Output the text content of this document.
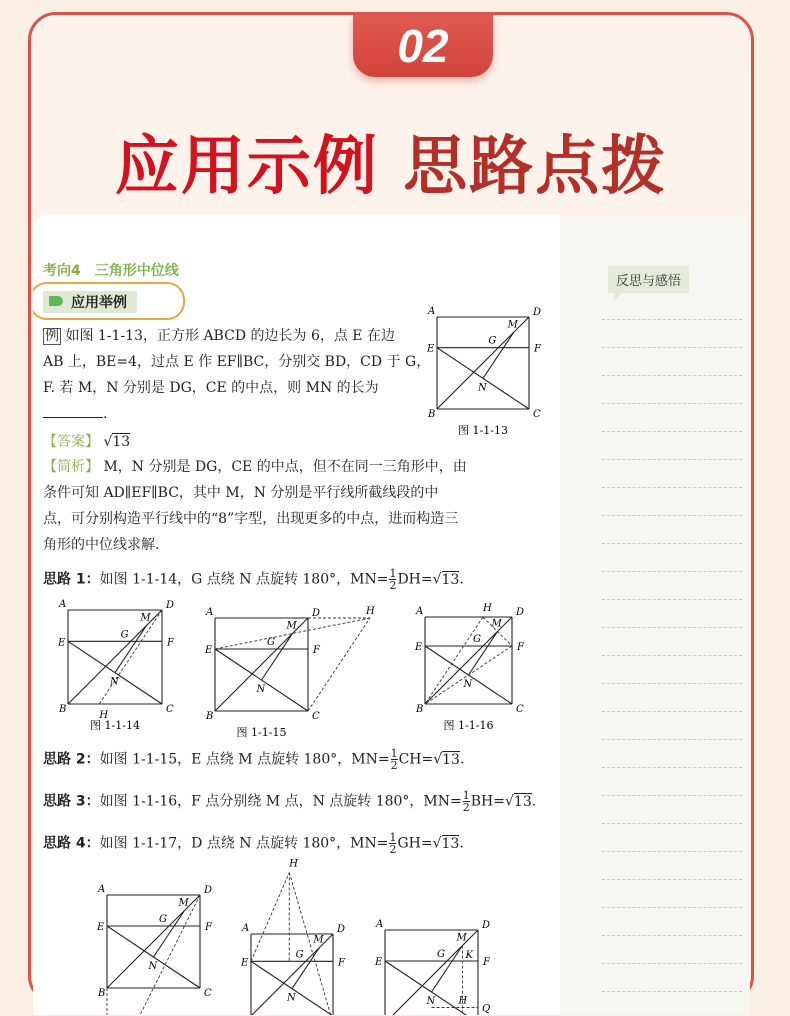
02
应用示例 思路点拨
反思与感悟
考向4　三角形中位线
应用举例
例 如图 1-1-13，正方形 ABCD 的边长为 6，点 E 在边
AB 上，BE=4，过点 E 作 EF∥BC，分别交 BD，CD 于 G，
F. 若 M，N 分别是 DG，CE 的中点，则 MN 的长为
.
【答案】 √13
【简析】 M，N 分别是 DG，CE 的中点，但不在同一三角形中，由
条件可知 AD∥EF∥BC，其中 M，N 分别是平行线所截线段的中
点，可分别构造平行线中的“8”字型，出现更多的中点，进而构造三
角形的中位线求解.
思路 1：如图 1-1-14，G 点绕 N 点旋转 180°，$MN= \frac{1}{2} DH=√13$.
思路 2：如图 1-1-15，E 点绕 M 点旋转 180°，$MN= \frac{1}{2} CH=√13$.
思路 3：如图 1-1-16，F 点分别绕 M 点，N 点旋转 180°，$MN= \frac{1}{2} BH=√13$.
思路 4：如图 1-1-17，D 点绕 N 点旋转 180°，$MN= \frac{1}{2} GH=√13$.
A
B	C
D
E	F
G
M
N
图 1-1-13
A
B	C
D
E	F
G
M
N
H
图 1-1-14
A
B	C
D
E	F
G
M
N
H
图 1-1-15
A
B	C
D
E	F
G
M
N
H
图 1-1-16
A
B	C
D
E	F
G
M
N
A	D
E	F
G
M
N
H
A	D
E	F
G
M
N
K
H
Q
